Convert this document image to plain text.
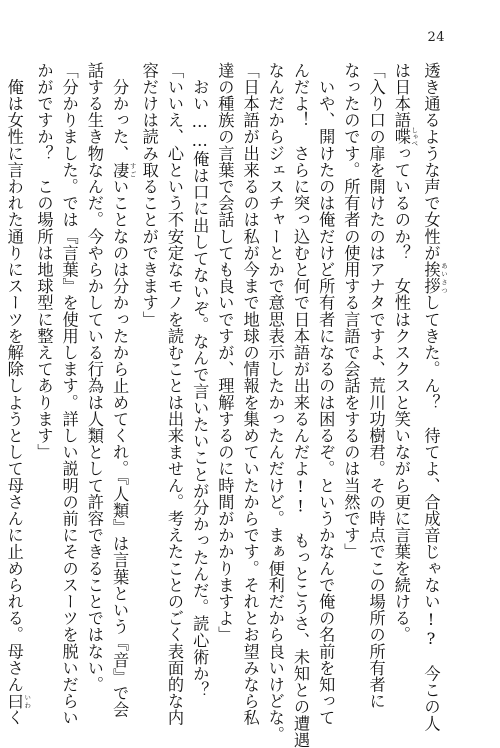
24
透き通るような声で女性が挨拶 あいさつしてきた。ん？　待てよ、合成音じゃない!?　今この人
は日本語喋 しゃべっているのか？　女性はクスクスと笑いながら更に言葉を続ける。
「入り口の扉を開けたのはアナタですよ、荒川功樹君。その時点でこの場所の所有者に
なったのです。所有者の使用する言語で会話をするのは当然です」
　いや、開けたのは俺だけど所有者になるのは困るぞ。というかなんで俺の名前を知って
んだよ！　さらに突っ込むと何で日本語が出来るんだよ!!　もっとこうさ、未知との遭遇
なんだからジェスチャーとかで意思表示したかったんだけど。まぁ便利だから良いけどな。
「日本語が出来るのは私が今まで地球の情報を集めていたからです。それとお望みなら私
達の種族の言葉で会話しても良いですが、理解するのに時間がかかりますよ」
　おい……俺は口に出してないぞ。なんで言いたいことが分かったんだ。読心術か？
「いいえ、心という不安定なモノを読むことは出来ません。考えたことのごく表面的な内
容だけは読み取ることができます」
　分かった、凄 すごいことなのは分かったから止めてくれ。『人類』は言葉という『音』で会
話する生き物なんだ。今やらかしている行為は人類として許容できることではない。
「分かりました。では『言葉』を使用します。詳しい説明の前にそのスーツを脱いだらい
かがですか？　この場所は地球型に整えてあります」
　俺は女性に言われた通りにスーツを解除しようとして母さんに止められる。母さん曰 いわく
